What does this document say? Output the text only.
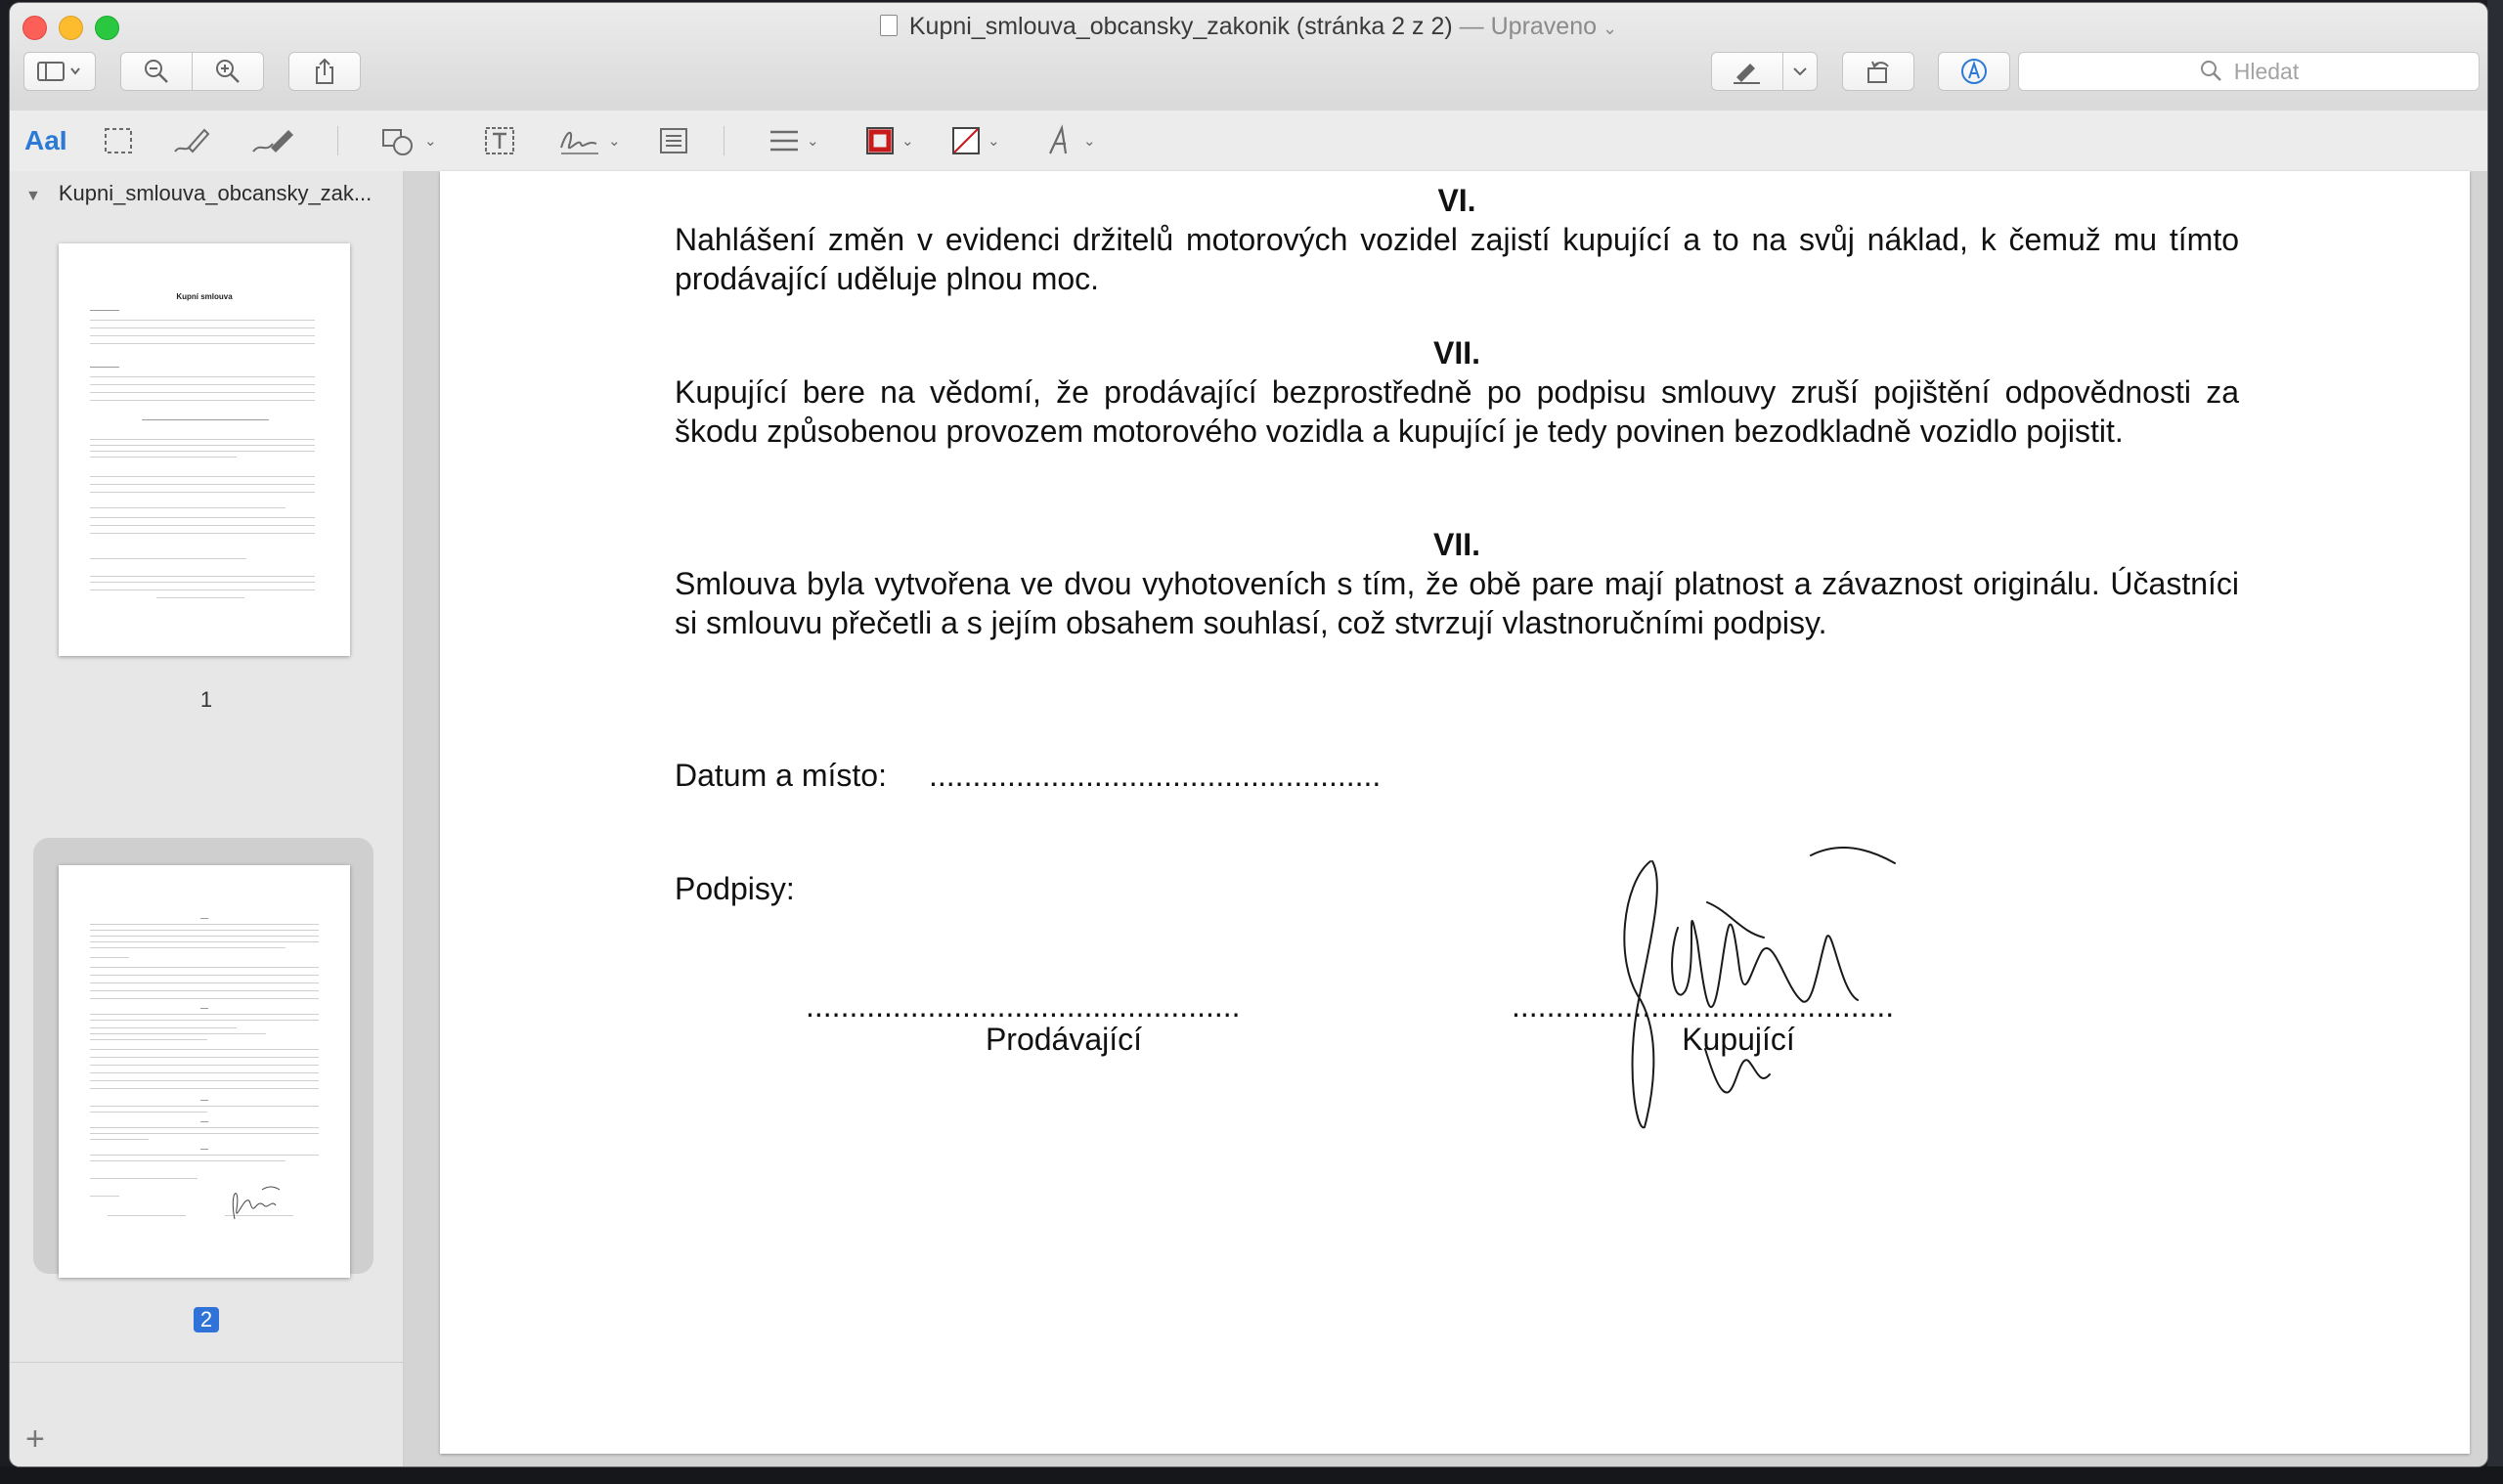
Kupni_smlouva_obcansky_zakonik (stránka 2 z 2) — Upraveno ⌄
Hledat
AaI	⌄	⌄	⌄	⌄	⌄	⌄
▼ Kupni_smlouva_obcansky_zak...
Kupní smlouva
1
2
+
VI.
Nahlášení změn v evidenci držitelů motorových vozidel zajistí kupující a to na svůj náklad, k čemuž mu tímto prodávající uděluje plnou moc.
VII.
Kupující bere na vědomí, že prodávající bezprostředně po podpisu smlouvy zruší pojištění odpovědnosti za škodu způsobenou provozem motorového vozidla a kupující je tedy povinen bezodkladně vozidlo pojistit.
VII.
Smlouva byla vytvořena ve dvou vyhotoveních s tím, že obě pare mají platnost a závaznost originálu. Účastníci si smlouvu přečetli a s jejím obsahem souhlasí, což stvrzují vlastnoručními podpisy.
Datum a místo: ....................................................
Podpisy:
..................................................
Prodávající
............................................
Kupující
